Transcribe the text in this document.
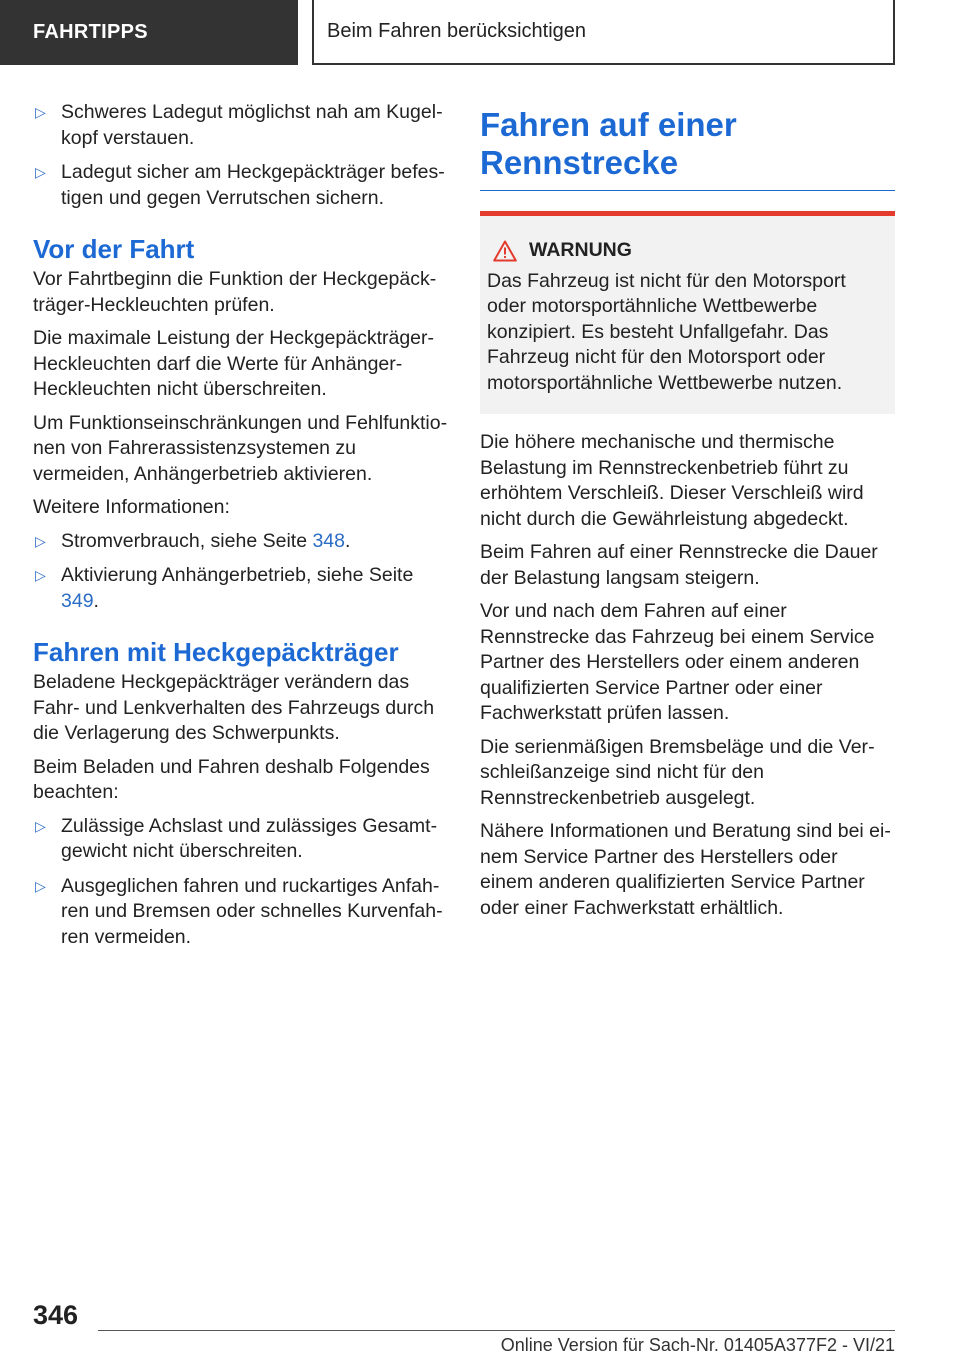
FAHRTIPPS	Beim Fahren berücksichtigen
▷ Schweres Ladegut möglichst nah am Kugelkopf verstauen.
▷ Ladegut sicher am Heckgepäckträger befestigen und gegen Verrutschen sichern.
Vor der Fahrt

Vor Fahrtbeginn die Funktion der Heckgepäckträger-Heckleuchten prüfen.

Die maximale Leistung der Heckgepäckträger-Heckleuchten darf die Werte für Anhänger-Heckleuchten nicht überschreiten.

Um Funktionseinschränkungen und Fehlfunktionen von Fahrerassistenzsystemen zu vermeiden, Anhängerbetrieb aktivieren.

Weitere Informationen:

▷ Stromverbrauch, siehe Seite 348.
▷ Aktivierung Anhängerbetrieb, siehe Seite 349.
Fahren mit Heckgepäckträger

Beladene Heckgepäckträger verändern das Fahr- und Lenkverhalten des Fahrzeugs durch die Verlagerung des Schwerpunkts.

Beim Beladen und Fahren deshalb Folgendes beachten:

▷ Zulässige Achslast und zulässiges Gesamtgewicht nicht überschreiten.
▷ Ausgeglichen fahren und ruckartiges Anfahren und Bremsen oder schnelles Kurvenfahren vermeiden.
Fahren auf einer Rennstrecke
WARNUNG
Das Fahrzeug ist nicht für den Motorsport oder motorsportähnliche Wettbewerbe konzipiert. Es besteht Unfallgefahr. Das Fahrzeug nicht für den Motorsport oder motorsportähnliche Wettbewerbe nutzen.

Die höhere mechanische und thermische Belastung im Rennstreckenbetrieb führt zu erhöhtem Verschleiß. Dieser Verschleiß wird nicht durch die Gewährleistung abgedeckt.

Beim Fahren auf einer Rennstrecke die Dauer der Belastung langsam steigern.

Vor und nach dem Fahren auf einer Rennstrecke das Fahrzeug bei einem Service Partner des Herstellers oder einem anderen qualifizierten Service Partner oder einer Fachwerkstatt prüfen lassen.

Die serienmäßigen Bremsbeläge und die Verschleißanzeige sind nicht für den Rennstreckenbetrieb ausgelegt.

Nähere Informationen und Beratung sind bei einem Service Partner des Herstellers oder einem anderen qualifizierten Service Partner oder einer Fachwerkstatt erhältlich.

346
Online Version für Sach-Nr. 01405A377F2 - VI/21
